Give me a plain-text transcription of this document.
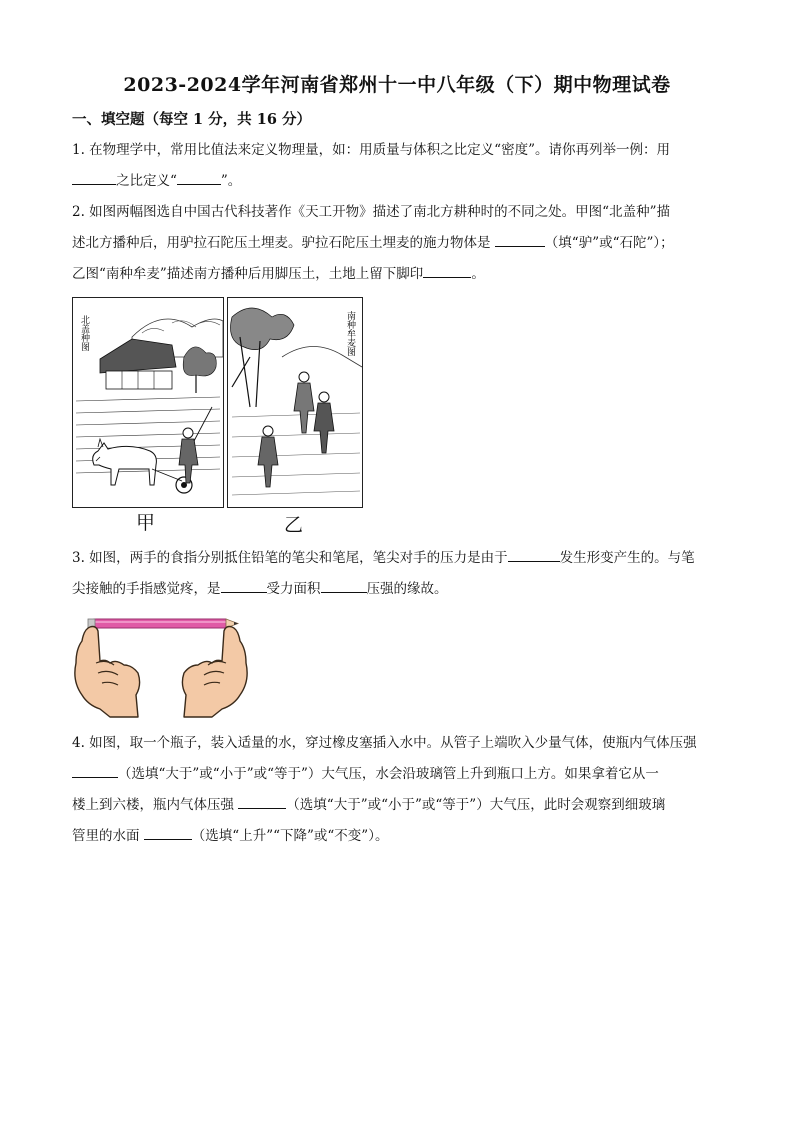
2023-2024学年河南省郑州十一中八年级（下）期中物理试卷
一、填空题（每空 1 分，共 16 分）
1. 在物理学中，常用比值法来定义物理量，如：用质量与体积之比定义“密度”。请你再列举一例：用
之比定义“	”。
2. 如图两幅图选自中国古代科技著作《天工开物》描述了南北方耕种时的不同之处。甲图“北盖种”描
述北方播种后，用驴拉石陀压土埋麦。驴拉石陀压土埋麦的施力物体是	（填“驴”或“石陀”）；
乙图“南种牟麦”描述南方播种后用脚压土，土地上留下脚印	。
北盖种图	南种牟麦图
甲	乙
3. 如图，两手的食指分别抵住铅笔的笔尖和笔尾，笔尖对手的压力是由于	发生形变产生的。与笔
尖接触的手指感觉疼，是	受力面积	压强的缘故。
4. 如图，取一个瓶子，装入适量的水，穿过橡皮塞插入水中。从管子上端吹入少量气体，使瓶内气体压强
（选填“大于”或“小于”或“等于”）大气压，水会沿玻璃管上升到瓶口上方。如果拿着它从一
楼上到六楼，瓶内气体压强	（选填“大于”或“小于”或“等于”）大气压，此时会观察到细玻璃
管里的水面	（选填“上升”“下降”或“不变”）。
